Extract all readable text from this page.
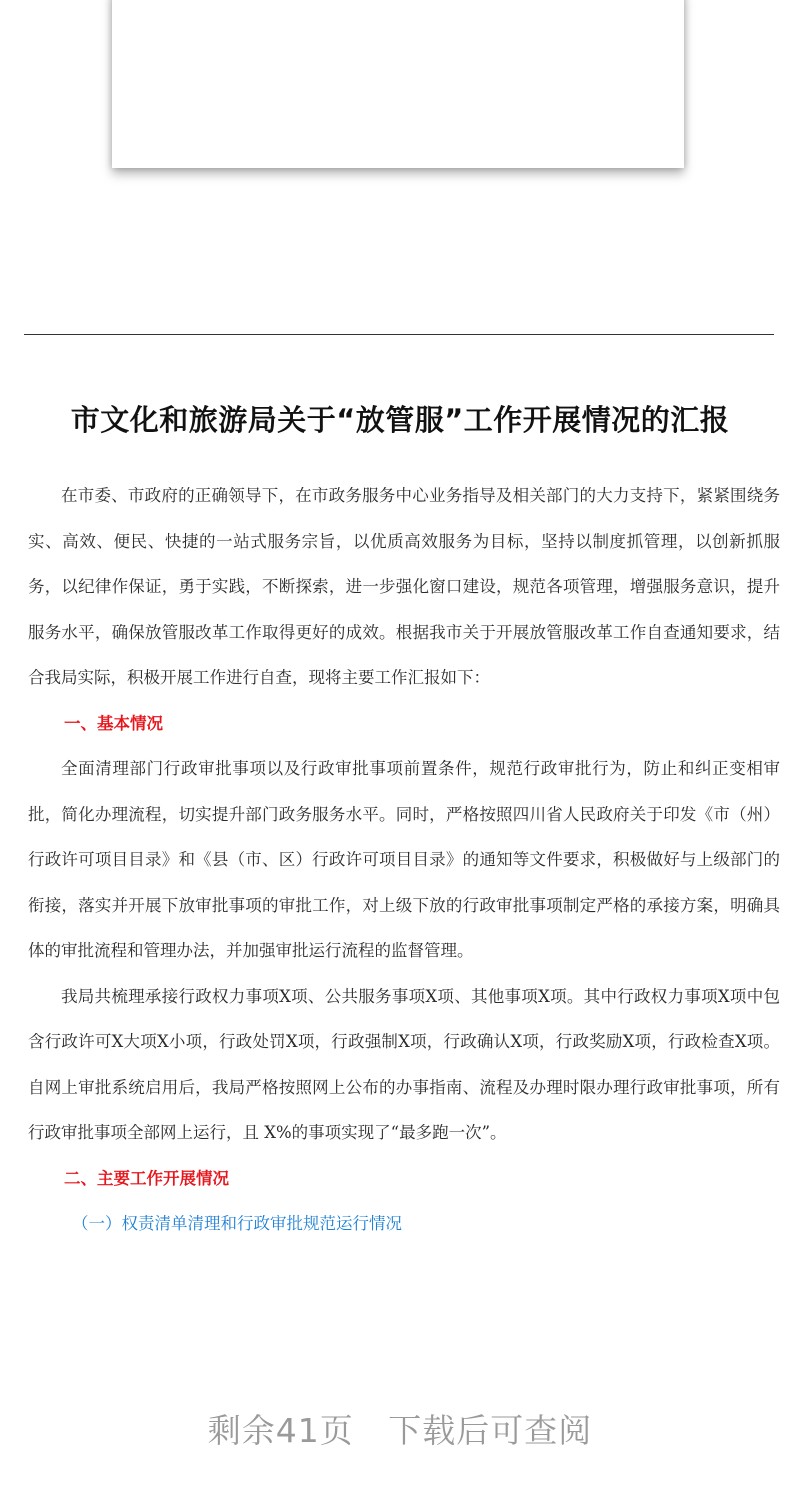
市文化和旅游局关于“放管服”工作开展情况的汇报

在市委、市政府的正确领导下，在市政务服务中心业务指导及相关部门的大力支持下，紧紧围绕务实、高效、便民、快捷的一站式服务宗旨，以优质高效服务为目标，坚持以制度抓管理，以创新抓服务，以纪律作保证，勇于实践，不断探索，进一步强化窗口建设，规范各项管理，增强服务意识，提升服务水平，确保放管服改革工作取得更好的成效。根据我市关于开展放管服改革工作自查通知要求，结合我局实际，积极开展工作进行自查，现将主要工作汇报如下：

一、基本情况

全面清理部门行政审批事项以及行政审批事项前置条件，规范行政审批行为，防止和纠正变相审批，简化办理流程，切实提升部门政务服务水平。同时，严格按照四川省人民政府关于印发《市（州）行政许可项目目录》和《县（市、区）行政许可项目目录》的通知等文件要求，积极做好与上级部门的衔接，落实并开展下放审批事项的审批工作，对上级下放的行政审批事项制定严格的承接方案，明确具体的审批流程和管理办法，并加强审批运行流程的监督管理。

我局共梳理承接行政权力事项X项、公共服务事项X项、其他事项X项。其中行政权力事项X项中包含行政许可X大项X小项，行政处罚X项，行政强制X项，行政确认X项，行政奖励X项，行政检查X项。自网上审批系统启用后，我局严格按照网上公布的办事指南、流程及办理时限办理行政审批事项，所有行政审批事项全部网上运行，且 X%的事项实现了“最多跑一次”。

二、主要工作开展情况
（一）权责清单清理和行政审批规范运行情况
剩余41页 下载后可查阅
